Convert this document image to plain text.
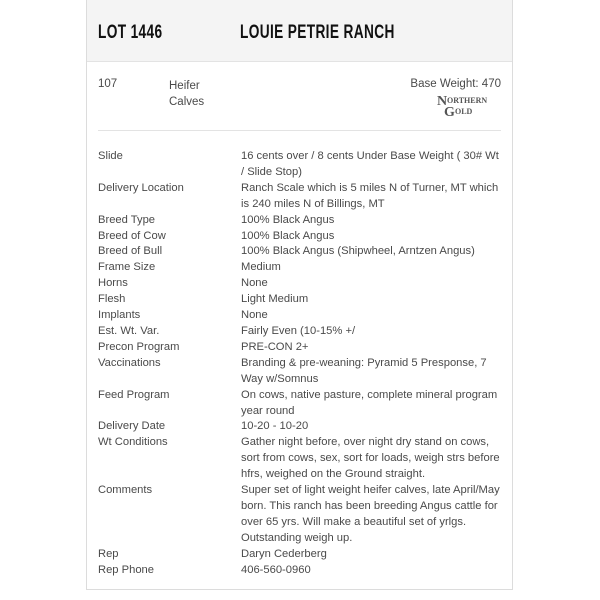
LOT 1446	LOUIE PETRIE RANCH
107	Heifer
Calves
Base Weight: 470
N ORTHERN
G OLD
Slide	16 cents over / 8 cents Under Base Weight ( 30# Wt / Slide Stop)
Delivery Location	Ranch Scale which is 5 miles N of Turner, MT which is 240 miles N of Billings, MT
Breed Type	100% Black Angus
Breed of Cow	100% Black Angus
Breed of Bull	100% Black Angus (Shipwheel, Arntzen Angus)
Frame Size	Medium
Horns	None
Flesh	Light Medium
Implants	None
Est. Wt. Var.	Fairly Even (10-15% +/
Precon Program	PRE-CON 2+
Vaccinations	Branding & pre-weaning: Pyramid 5 Presponse, 7 Way w/Somnus
Feed Program	On cows, native pasture, complete mineral program year round
Delivery Date	10-20 - 10-20
Wt Conditions	Gather night before, over night dry stand on cows, sort from cows, sex, sort for loads, weigh strs before hfrs, weighed on the Ground straight.
Comments	Super set of light weight heifer calves, late April/May born. This ranch has been breeding Angus cattle for over 65 yrs. Will make a beautiful set of yrlgs. Outstanding weigh up.
Rep	Daryn Cederberg
Rep Phone	406-560-0960
